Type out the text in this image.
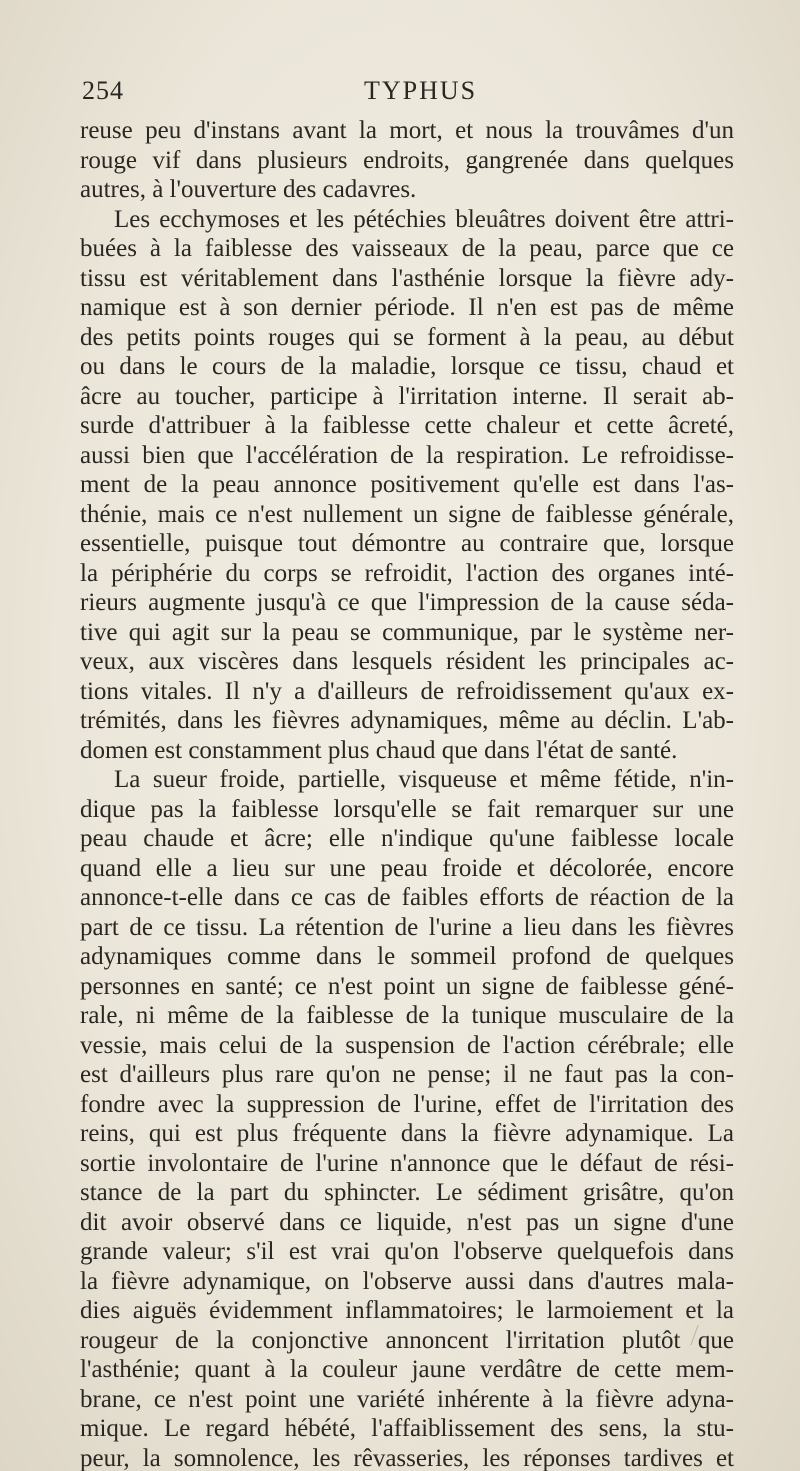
254	TYPHUS
reuse peu d'instans avant la mort, et nous la trouvâmes d'un
rouge vif dans plusieurs endroits, gangrenée dans quelques
autres, à l'ouverture des cadavres.
Les ecchymoses et les pétéchies bleuâtres doivent être attri-
buées à la faiblesse des vaisseaux de la peau, parce que ce
tissu est véritablement dans l'asthénie lorsque la fièvre ady-
namique est à son dernier période. Il n'en est pas de même
des petits points rouges qui se forment à la peau, au début
ou dans le cours de la maladie, lorsque ce tissu, chaud et
âcre au toucher, participe à l'irritation interne. Il serait ab-
surde d'attribuer à la faiblesse cette chaleur et cette âcreté,
aussi bien que l'accélération de la respiration. Le refroidisse-
ment de la peau annonce positivement qu'elle est dans l'as-
thénie, mais ce n'est nullement un signe de faiblesse générale,
essentielle, puisque tout démontre au contraire que, lorsque
la périphérie du corps se refroidit, l'action des organes inté-
rieurs augmente jusqu'à ce que l'impression de la cause séda-
tive qui agit sur la peau se communique, par le système ner-
veux, aux viscères dans lesquels résident les principales ac-
tions vitales. Il n'y a d'ailleurs de refroidissement qu'aux ex-
trémités, dans les fièvres adynamiques, même au déclin. L'ab-
domen est constamment plus chaud que dans l'état de santé.
La sueur froide, partielle, visqueuse et même fétide, n'in-
dique pas la faiblesse lorsqu'elle se fait remarquer sur une
peau chaude et âcre; elle n'indique qu'une faiblesse locale
quand elle a lieu sur une peau froide et décolorée, encore
annonce-t-elle dans ce cas de faibles efforts de réaction de la
part de ce tissu. La rétention de l'urine a lieu dans les fièvres
adynamiques comme dans le sommeil profond de quelques
personnes en santé; ce n'est point un signe de faiblesse géné-
rale, ni même de la faiblesse de la tunique musculaire de la
vessie, mais celui de la suspension de l'action cérébrale; elle
est d'ailleurs plus rare qu'on ne pense; il ne faut pas la con-
fondre avec la suppression de l'urine, effet de l'irritation des
reins, qui est plus fréquente dans la fièvre adynamique. La
sortie involontaire de l'urine n'annonce que le défaut de rési-
stance de la part du sphincter. Le sédiment grisâtre, qu'on
dit avoir observé dans ce liquide, n'est pas un signe d'une
grande valeur; s'il est vrai qu'on l'observe quelquefois dans
la fièvre adynamique, on l'observe aussi dans d'autres mala-
dies aiguës évidemment inflammatoires; le larmoiement et la
rougeur de la conjonctive annoncent l'irritation plutôt que
l'asthénie; quant à la couleur jaune verdâtre de cette mem-
brane, ce n'est point une variété inhérente à la fièvre adyna-
mique. Le regard hébété, l'affaiblissement des sens, la stu-
peur, la somnolence, les rêvasseries, les réponses tardives et
